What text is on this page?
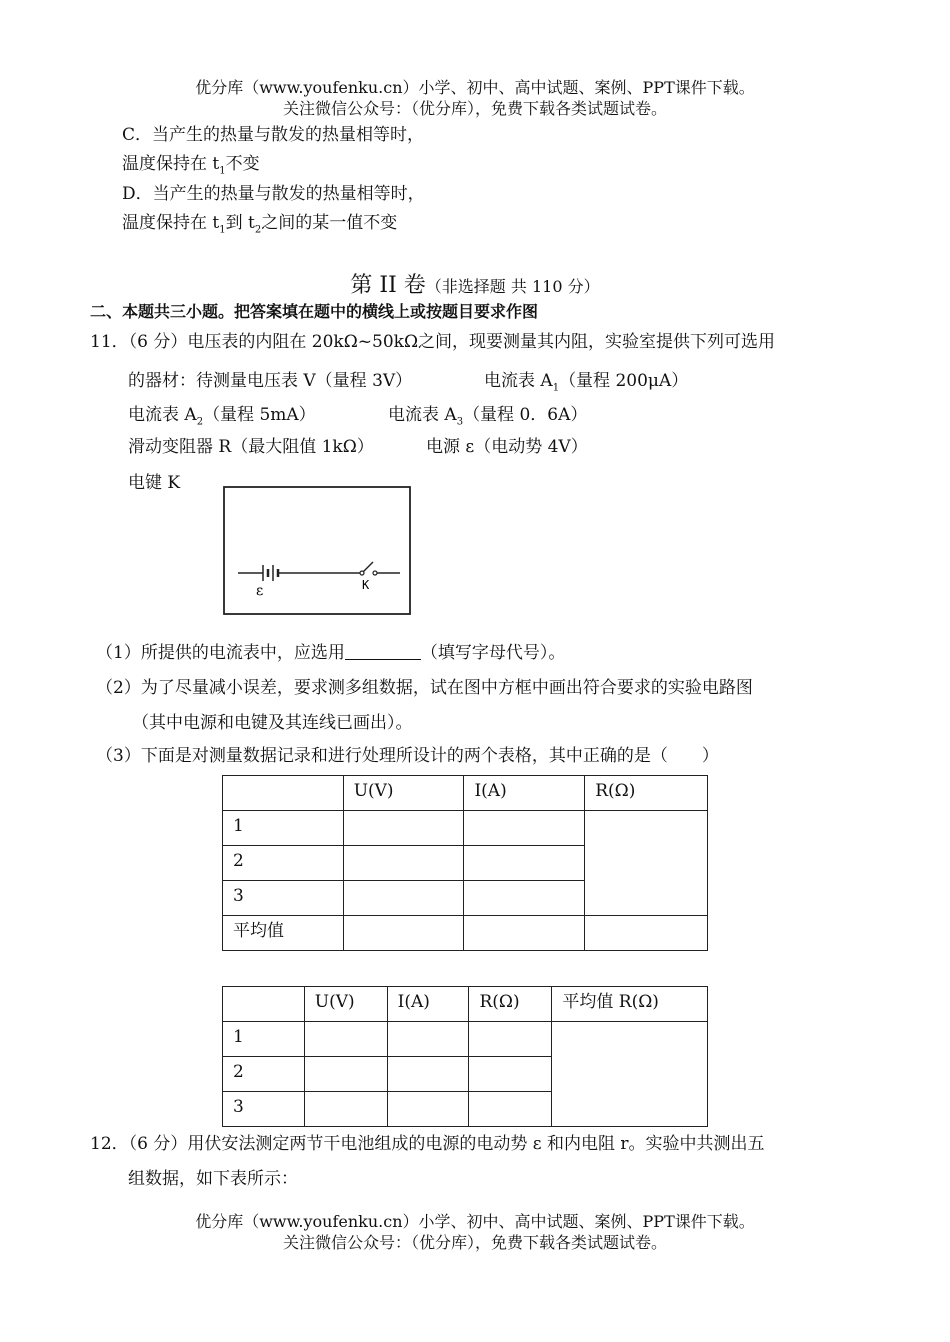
优分库（www.youfenku.cn）小学、初中、高中试题、案例、PPT课件下载。
关注微信公众号：（优分库），免费下载各类试题试卷。
C．当产生的热量与散发的热量相等时，
温度保持在 $t_1$不变
D．当产生的热量与散发的热量相等时，
温度保持在 $t_1$到 $t_2$之间的某一值不变
第 II 卷（非选择题 共 110 分）
二、本题共三小题。把答案填在题中的横线上或按题目要求作图
11．（6 分）电压表的内阻在 20kΩ~50kΩ之间，现要测量其内阻，实验室提供下列可选用
的器材：待测量电压表 V（量程 3V）	电流表 $A_1$（量程 200μA）
电流表 $A_2$（量程 5mA）	电流表 $A_3$（量程 0．6A）
滑动变阻器 R（最大阻值 1kΩ）	电源 ε（电动势 4V）
电键 K
ε	K
（1）所提供的电流表中，应选用	（填写字母代号）。
（2）为了尽量减小误差，要求测多组数据，试在图中方框中画出符合要求的实验电路图
（其中电源和电键及其连线已画出）。
（3）下面是对测量数据记录和进行处理所设计的两个表格，其中正确的是（　　）
	U(V)	I(A)	R(Ω)
1			
2			
3			
平均值			
	U(V)	I(A)	R(Ω)	平均值 R(Ω)
1				
2				
3				
12．（6 分）用伏安法测定两节干电池组成的电源的电动势 ε 和内电阻 r。实验中共测出五
组数据，如下表所示：
优分库（www.youfenku.cn）小学、初中、高中试题、案例、PPT课件下载。
关注微信公众号：（优分库），免费下载各类试题试卷。
